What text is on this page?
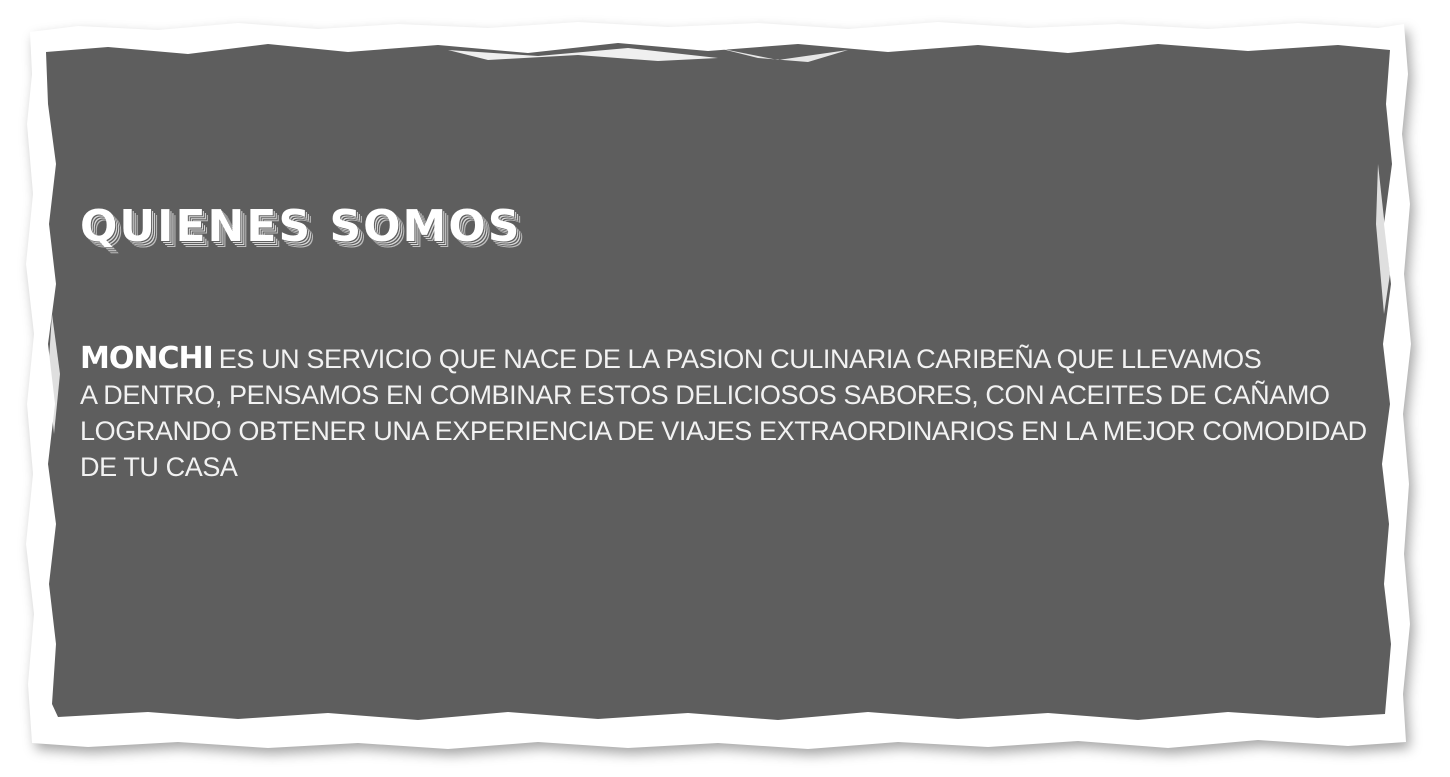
QUIENES SOMOS

MONCHI ES UN SERVICIO QUE NACE DE LA PASION CULINARIA CARIBEÑA QUE LLEVAMOS
A DENTRO, PENSAMOS EN COMBINAR ESTOS DELICIOSOS SABORES, CON ACEITES DE CAÑAMO
LOGRANDO OBTENER UNA EXPERIENCIA DE VIAJES EXTRAORDINARIOS EN LA MEJOR COMODIDAD
DE TU CASA
